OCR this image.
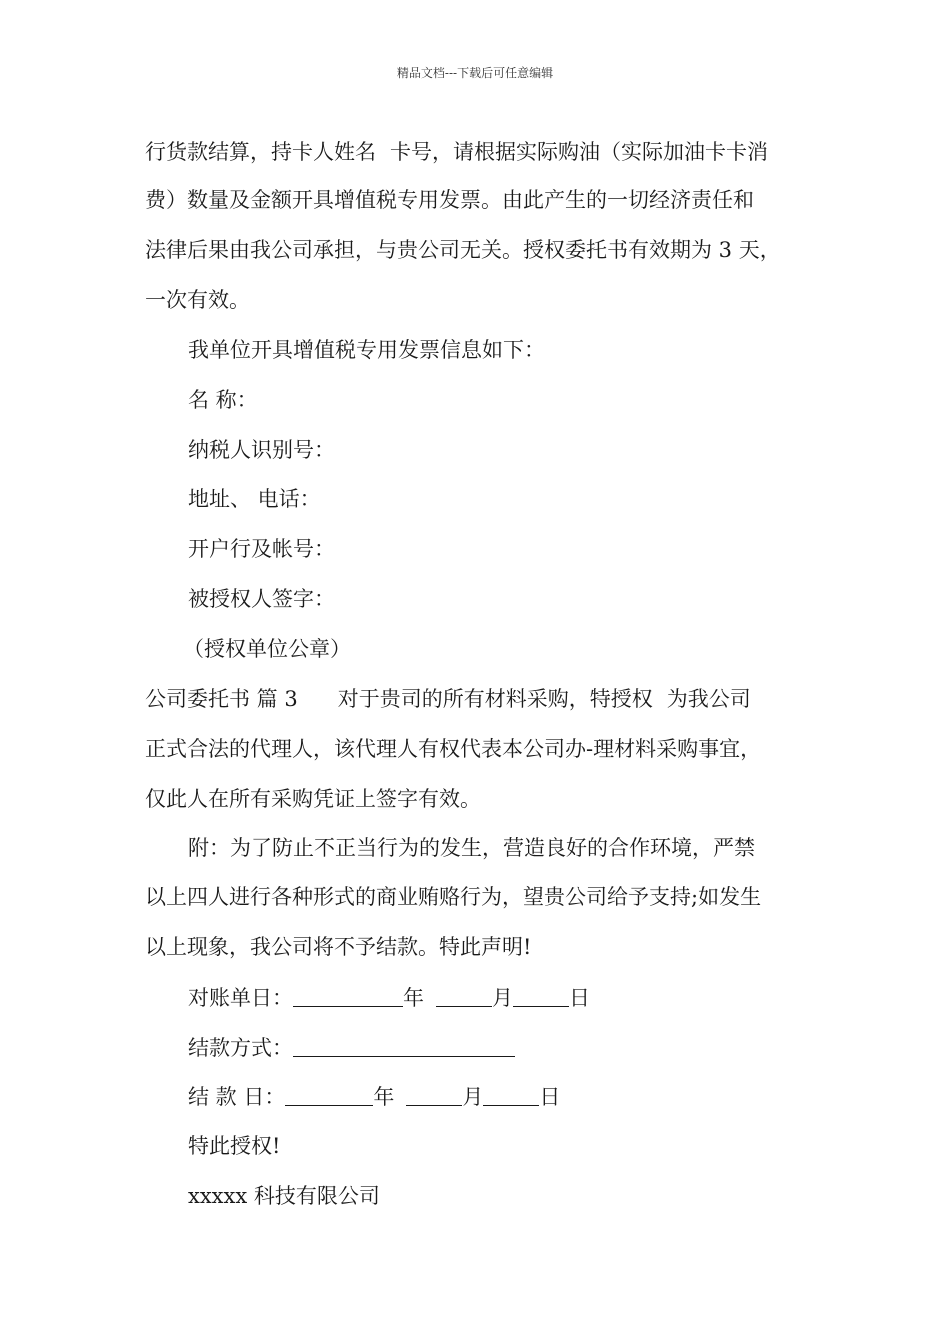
精品文档---下载后可任意编辑
行货款结算，持卡人姓名 卡号，请根据实际购油（实际加油卡卡消
费）数量及金额开具增值税专用发票。由此产生的一切经济责任和
法律后果由我公司承担，与贵公司无关。授权委托书有效期为 3 天，
一次有效。
我单位开具增值税专用发票信息如下：
名 称：
纳税人识别号：
地址、 电话：
开户行及帐号：
被授权人签字：
（授权单位公章）
公司委托书 篇 3 对于贵司的所有材料采购，特授权 为我公司
正式合法的代理人，该代理人有权代表本公司办-理材料采购事宜，
仅此人在所有采购凭证上签字有效。
附：为了防止不正当行为的发生，营造良好的合作环境，严禁
以上四人进行各种形式的商业贿赂行为，望贵公司给予支持;如发生
以上现象，我公司将不予结款。特此声明!
对账单日：	年	月	日
结款方式：
结 款 日：	年	月	日
特此授权!
xxxxx 科技有限公司
